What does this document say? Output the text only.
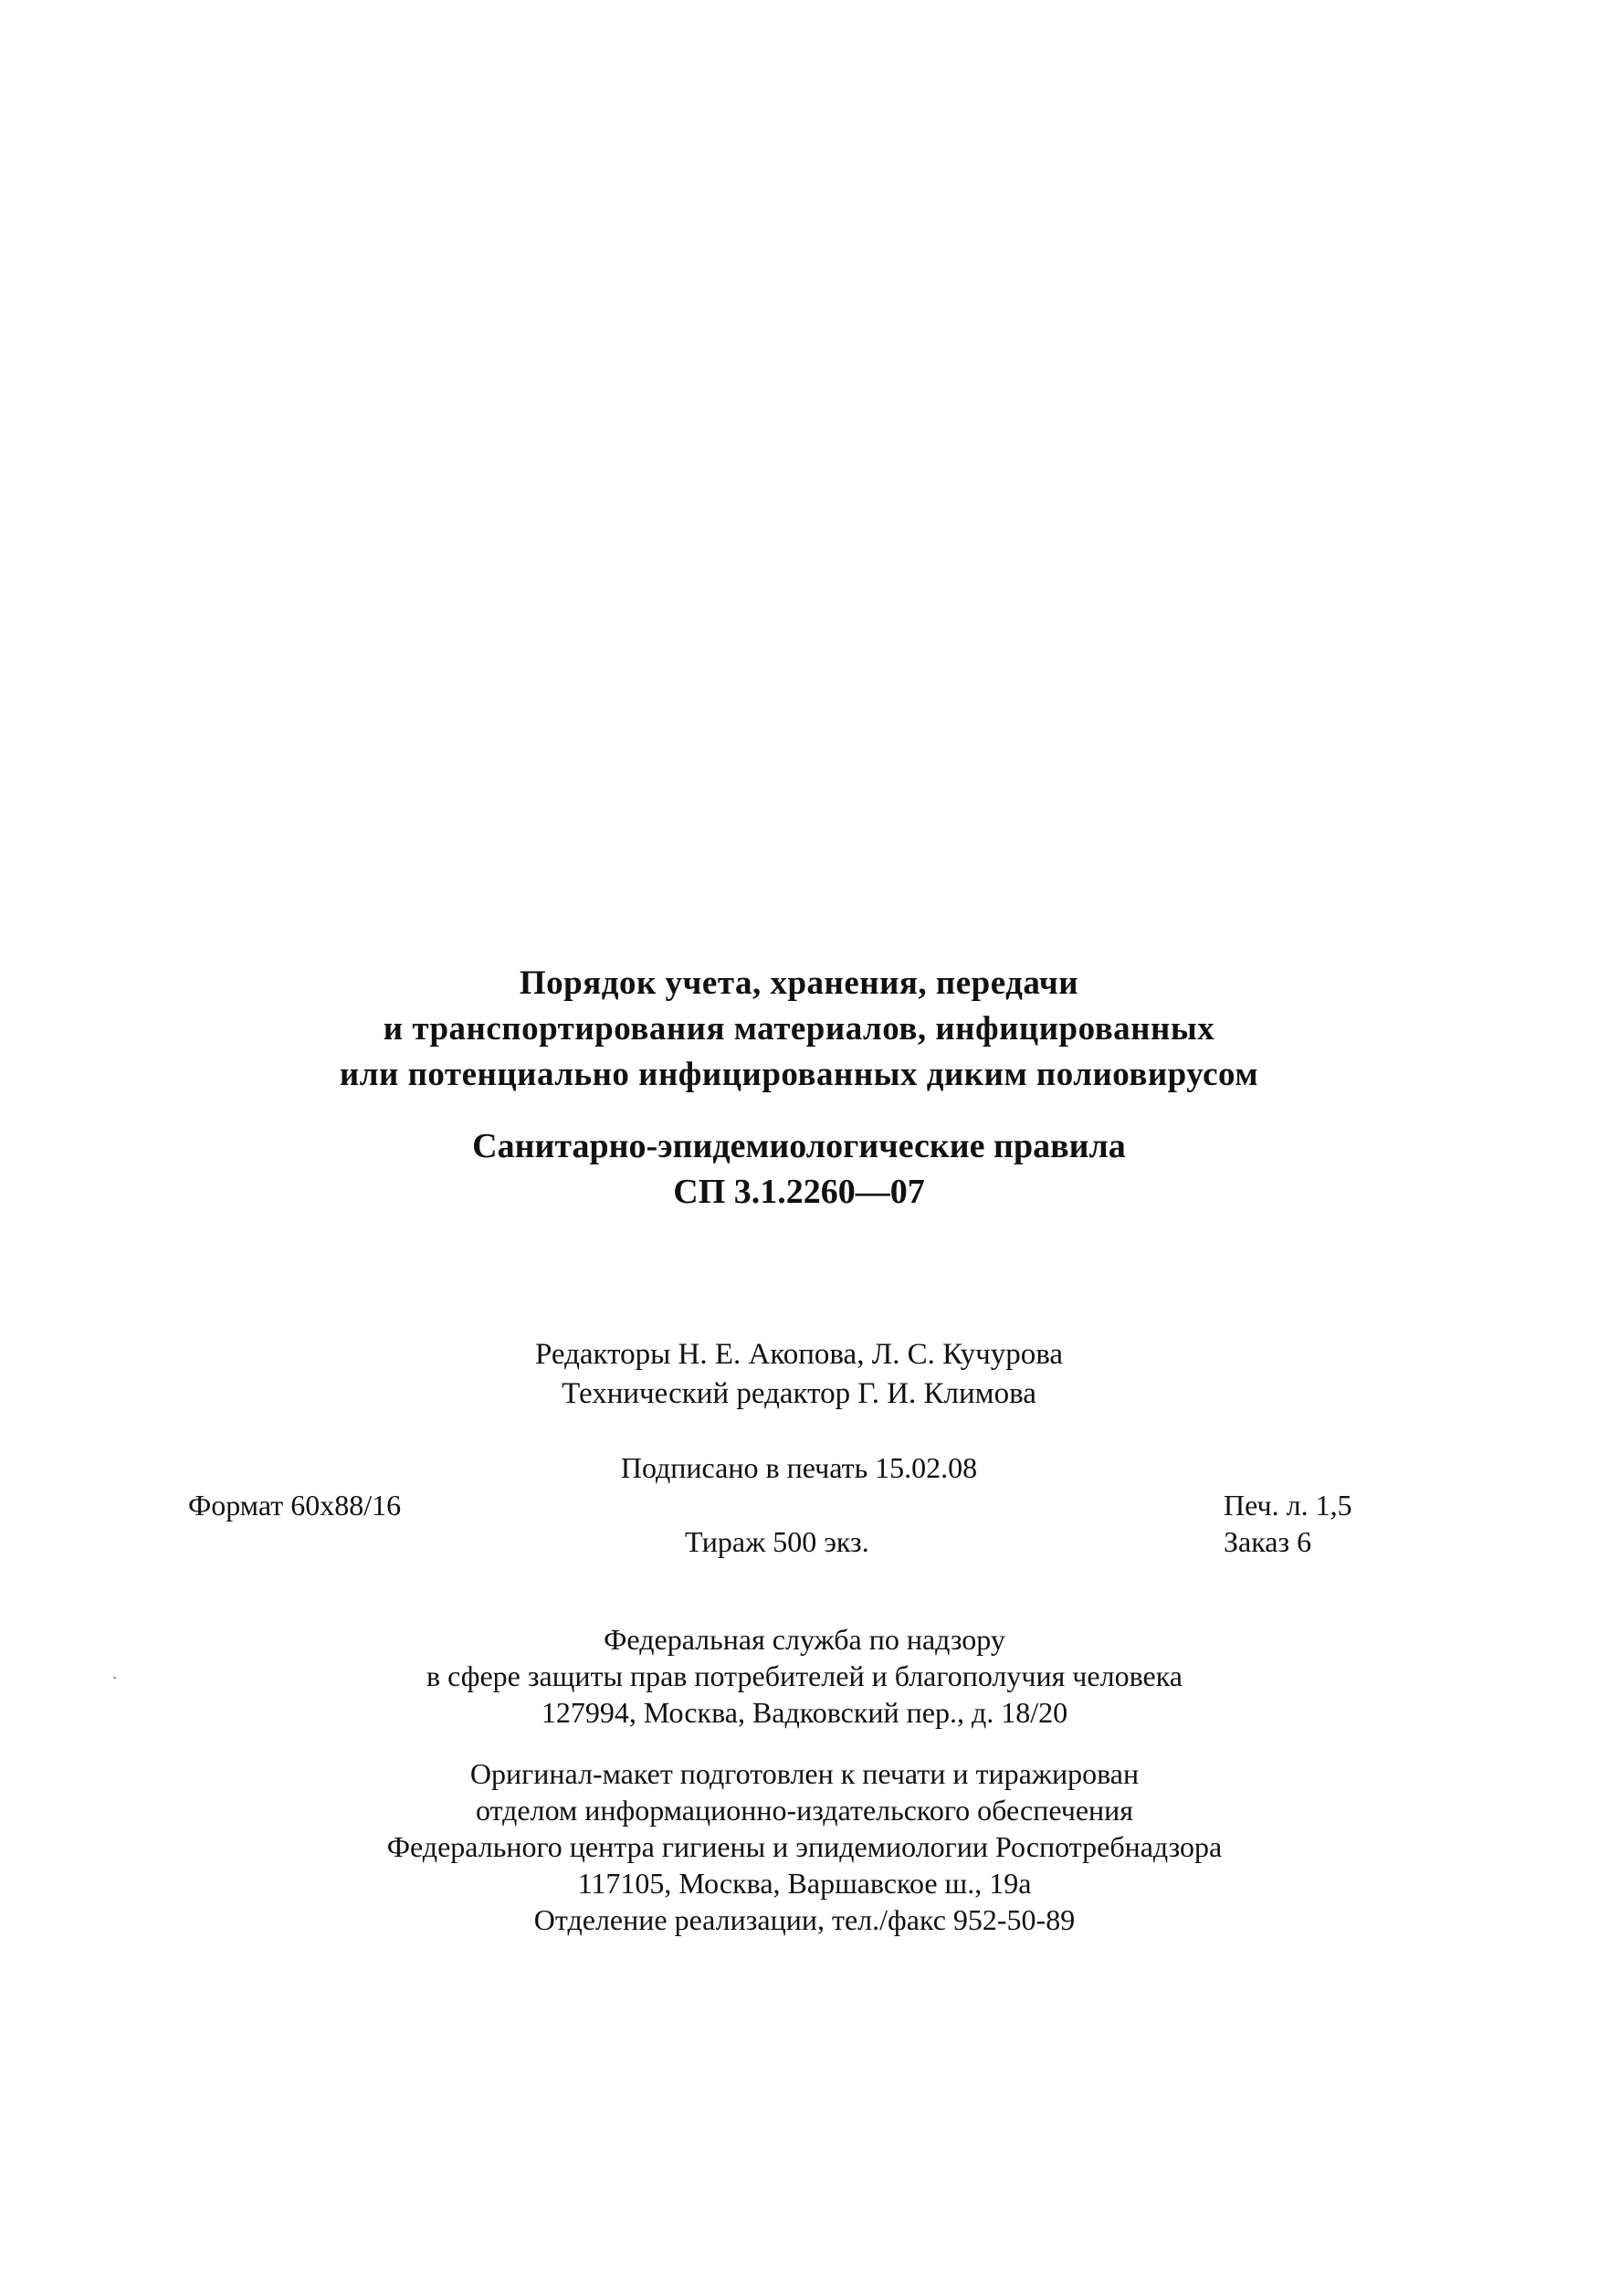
Порядок учета, хранения, передачи
и транспортирования материалов, инфицированных
или потенциально инфицированных диким полиовирусом
Санитарно-эпидемиологические правила
СП 3.1.2260—07
Редакторы Н. Е. Акопова, Л. С. Кучурова
Технический редактор Г. И. Климова
Подписано в печать 15.02.08
Формат 60x88/16	Печ. л. 1,5
Заказ 6
Тираж 500 экз.
Федеральная служба по надзору
в сфере защиты прав потребителей и благополучия человека
127994, Москва, Вадковский пер., д. 18/20
Оригинал-макет подготовлен к печати и тиражирован
отделом информационно-издательского обеспечения
Федерального центра гигиены и эпидемиологии Роспотребнадзора
117105, Москва, Варшавское ш., 19а
Отделение реализации, тел./факс 952-50-89
